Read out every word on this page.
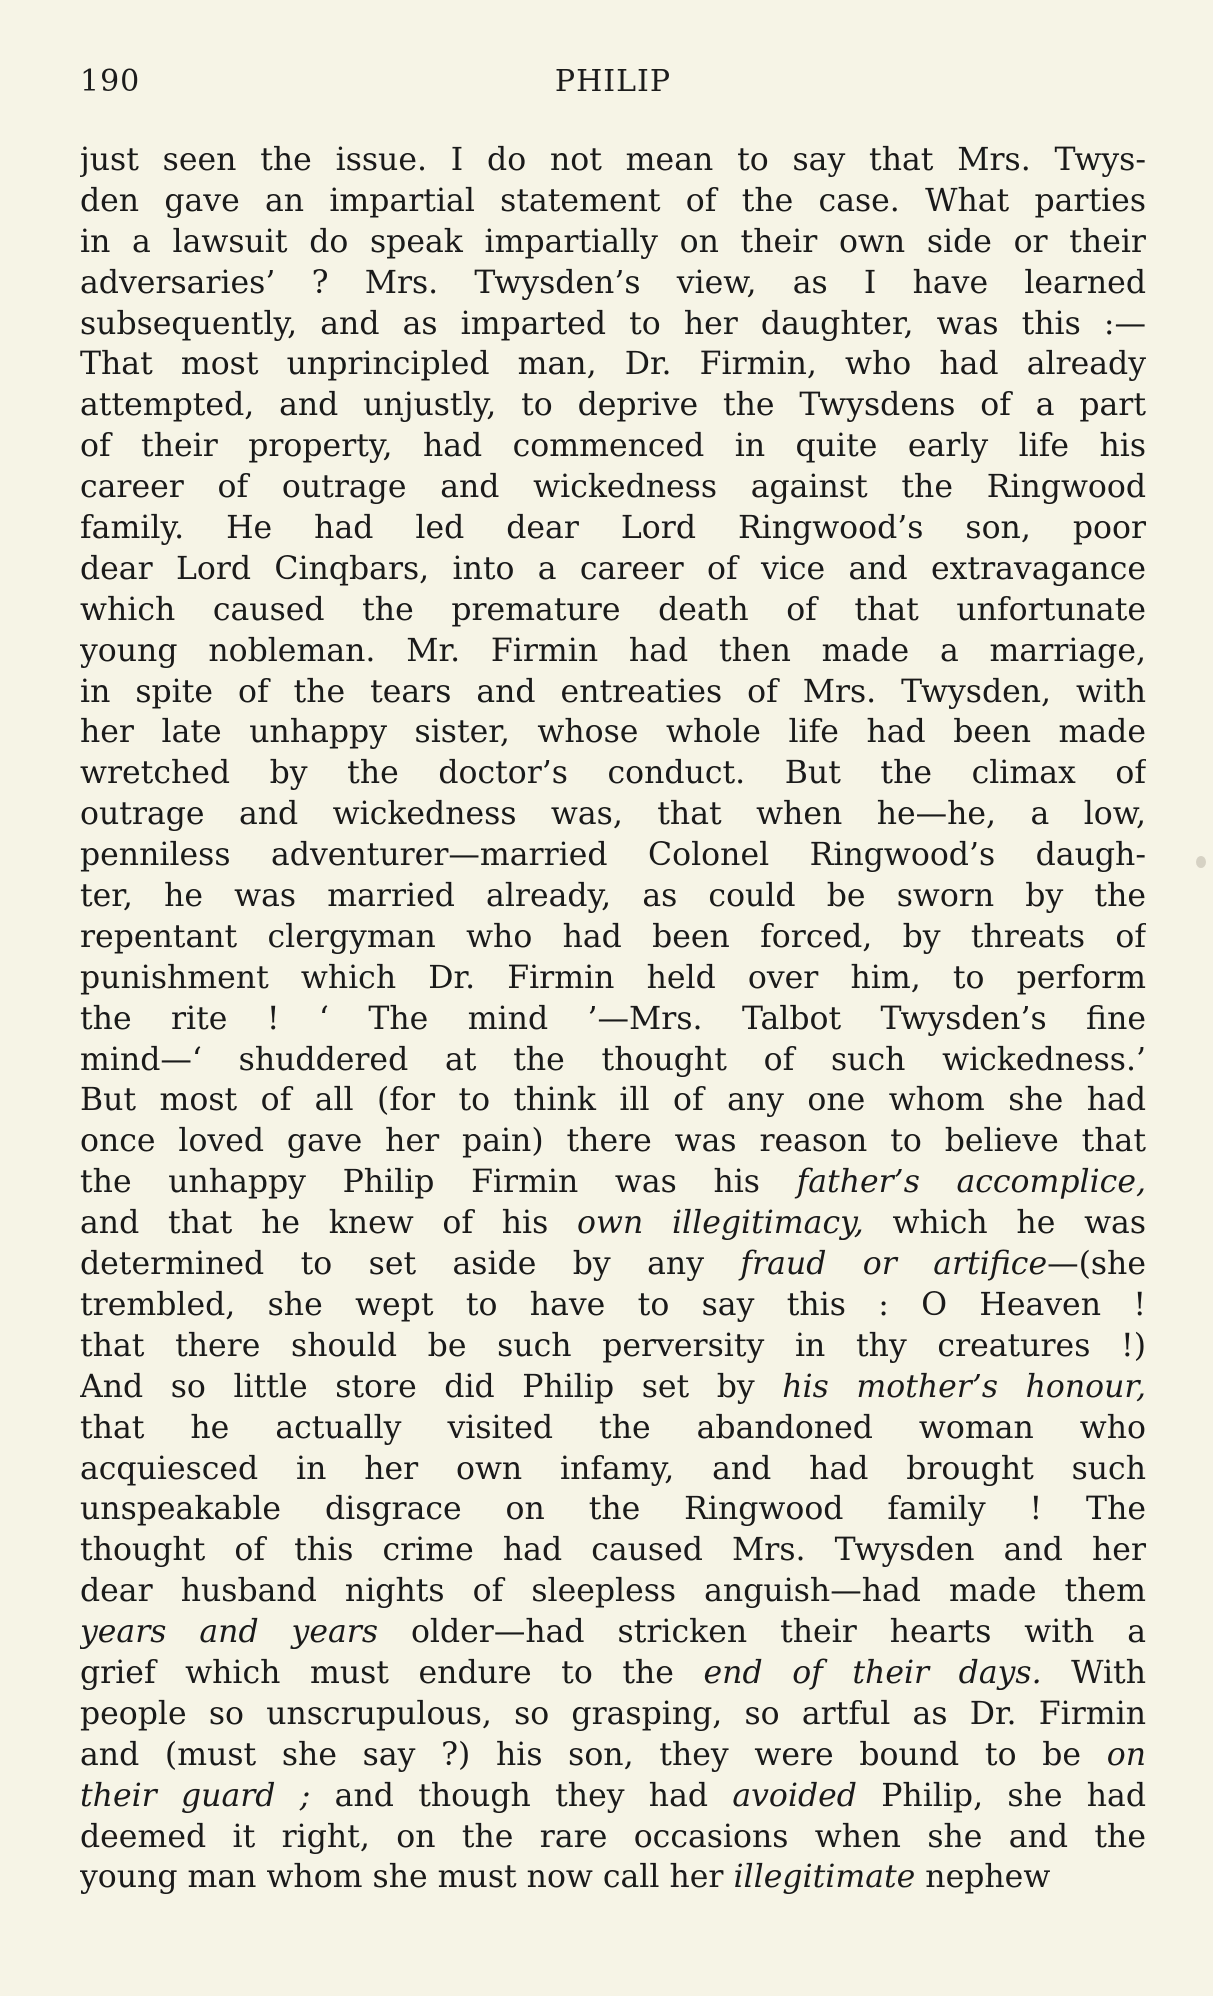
190	PHILIP
just seen the issue. I do not mean to say that Mrs. Twys-
den gave an impartial statement of the case. What parties
in a lawsuit do speak impartially on their own side or their
adversaries’ ? Mrs. Twysden’s view, as I have learned
subsequently, and as imparted to her daughter, was this :—
That most unprincipled man, Dr. Firmin, who had already
attempted, and unjustly, to deprive the Twysdens of a part
of their property, had commenced in quite early life his
career of outrage and wickedness against the Ringwood
family. He had led dear Lord Ringwood’s son, poor
dear Lord Cinqbars, into a career of vice and extravagance
which caused the premature death of that unfortunate
young nobleman. Mr. Firmin had then made a marriage,
in spite of the tears and entreaties of Mrs. Twysden, with
her late unhappy sister, whose whole life had been made
wretched by the doctor’s conduct. But the climax of
outrage and wickedness was, that when he—he, a low,
penniless adventurer—married Colonel Ringwood’s daugh-
ter, he was married already, as could be sworn by the
repentant clergyman who had been forced, by threats of
punishment which Dr. Firmin held over him, to perform
the rite ! ‘ The mind ’—Mrs. Talbot Twysden’s fine
mind—‘ shuddered at the thought of such wickedness.’
But most of all (for to think ill of any one whom she had
once loved gave her pain) there was reason to believe that
the unhappy Philip Firmin was his father’s accomplice,
and that he knew of his own illegitimacy, which he was
determined to set aside by any fraud or artifice—(she
trembled, she wept to have to say this : O Heaven !
that there should be such perversity in thy creatures !)
And so little store did Philip set by his mother’s honour,
that he actually visited the abandoned woman who
acquiesced in her own infamy, and had brought such
unspeakable disgrace on the Ringwood family ! The
thought of this crime had caused Mrs. Twysden and her
dear husband nights of sleepless anguish—had made them
years and years older—had stricken their hearts with a
grief which must endure to the end of their days. With
people so unscrupulous, so grasping, so artful as Dr. Firmin
and (must she say ?) his son, they were bound to be on
their guard ; and though they had avoided Philip, she had
deemed it right, on the rare occasions when she and the
young man whom she must now call her illegitimate nephew
